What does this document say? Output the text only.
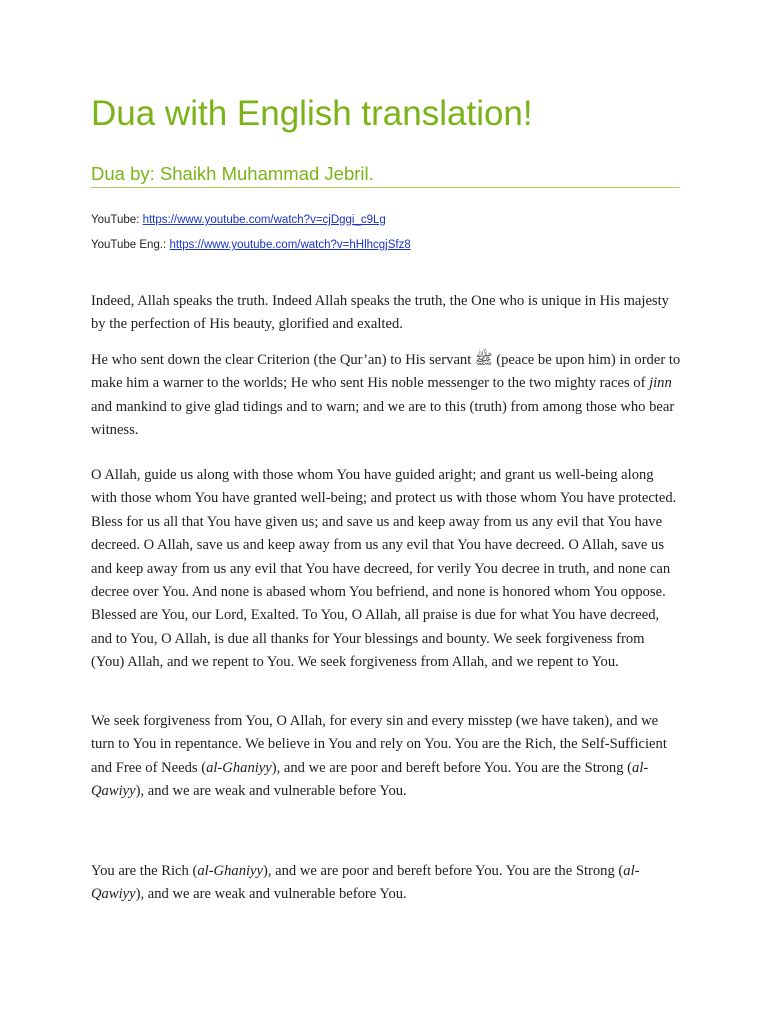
Dua with English translation!
Dua by: Shaikh Muhammad Jebril.
YouTube: https://www.youtube.com/watch?v=cjDggi_c9Lg
YouTube Eng.: https://www.youtube.com/watch?v=hHlhcgjSfz8

Indeed, Allah speaks the truth. Indeed Allah speaks the truth, the One who is unique in His majesty by the perfection of His beauty, glorified and exalted.

He who sent down the clear Criterion (the Qur’an) to His servant ﷺ (peace be upon him) in order to make him a warner to the worlds; He who sent His noble messenger to the two mighty races of jinn and mankind to give glad tidings and to warn; and we are to this (truth) from among those who bear witness.

O Allah, guide us along with those whom You have guided aright; and grant us well-being along with those whom You have granted well-being; and protect us with those whom You have protected. Bless for us all that You have given us; and save us and keep away from us any evil that You have decreed. O Allah, save us and keep away from us any evil that You have decreed. O Allah, save us and keep away from us any evil that You have decreed, for verily You decree in truth, and none can decree over You. And none is abased whom You befriend, and none is honored whom You oppose. Blessed are You, our Lord, Exalted. To You, O Allah, all praise is due for what You have decreed, and to You, O Allah, is due all thanks for Your blessings and bounty. We seek forgiveness from (You) Allah, and we repent to You. We seek forgiveness from Allah, and we repent to You.

We seek forgiveness from You, O Allah, for every sin and every misstep (we have taken), and we turn to You in repentance. We believe in You and rely on You. You are the Rich, the Self-Sufficient and Free of Needs (al-Ghaniyy), and we are poor and bereft before You. You are the Strong (al-Qawiyy), and we are weak and vulnerable before You.

You are the Rich (al-Ghaniyy), and we are poor and bereft before You. You are the Strong (al-Qawiyy), and we are weak and vulnerable before You.
